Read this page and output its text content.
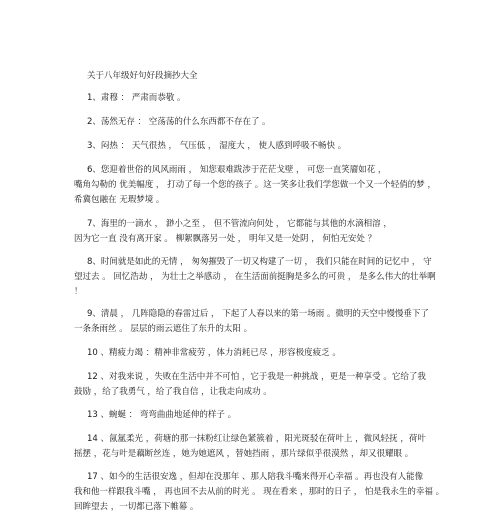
关于八年级好句好段摘抄大全
1、肃穆 ： 严肃而恭敬 。
2、荡然无存 ： 空荡荡的什么东西都不存在了 。
3、闷热 ： 天气很热 ， 气压低 ， 湿度大 ， 使人感到呼吸不畅快 。
6、您迎着世俗的风风雨雨 ， 知您艰难跋涉于茫茫戈壁 ， 可您一直笑靥如花 ，
嘴角勾勒的 优美幅度 ， 打动了每一个您的孩子 。这一笑多让我们学您做一个又一个轻俏的梦 ，
希冀包融在 无瑕梦境 。
7、海里的一滴水 ， 渺小之至 ， 但不管流向何处 ， 它都能与其他的水滴相溶 ，
因为它一直 没有离开家 。 柳絮飘落另一处 ， 明年又是一处阴 ， 何怕无安处 ？
8、时间就是如此的无情 ， 匆匆摧毁了一切又构建了一切 ， 我们只能在时间的记忆中 ， 守
望过去 。 回忆浩劫 ， 为壮士之举感动 ， 在生活面前挺胸是多么的可贵 ， 是多么伟大的壮举啊
！
9、清晨 ， 几阵隐隐的春雷过后 ， 下起了人春以来的第一场雨 。微明的天空中慢慢垂下了
一条条雨丝 。 层层的雨云遮住了东升的太阳 。
10 、精疲力竭 ：精神非常疲劳 ，体力消耗已尽 ，形容极度疲乏 。
12 、对我来说 ，失败在生活中并不可怕 ，它于我是一种挑战 ，更是一种享受 。它给了我
鼓励 ，给了我勇气 ，给了我自信 ，让我走向成功 。
13 、蜿蜒 ： 弯弯曲曲地延伸的样子 。
14 、氤氲柔光 ，荷塘的那一抹粉红让绿色紧簇着 ，阳光斑驳在荷叶上 ，微风轻抚 ，荷叶
摇摆 ，花与叶是藕断丝连 ，她为她遮风 ，替她挡雨 ，那片绿似乎很漠然 ，却又很耀眼 。
17 、如今的生活很安逸 ，但却在没那年 、那人陪我斗嘴来得开心幸福 。再也没有人能像
我和他一样跟我斗嘴 ， 再也回不去从前的时光 。 现在看来 ，那时的日子 ， 怕是我永生的幸福 。
回眸望去 ，一切都已落下帷幕 。
